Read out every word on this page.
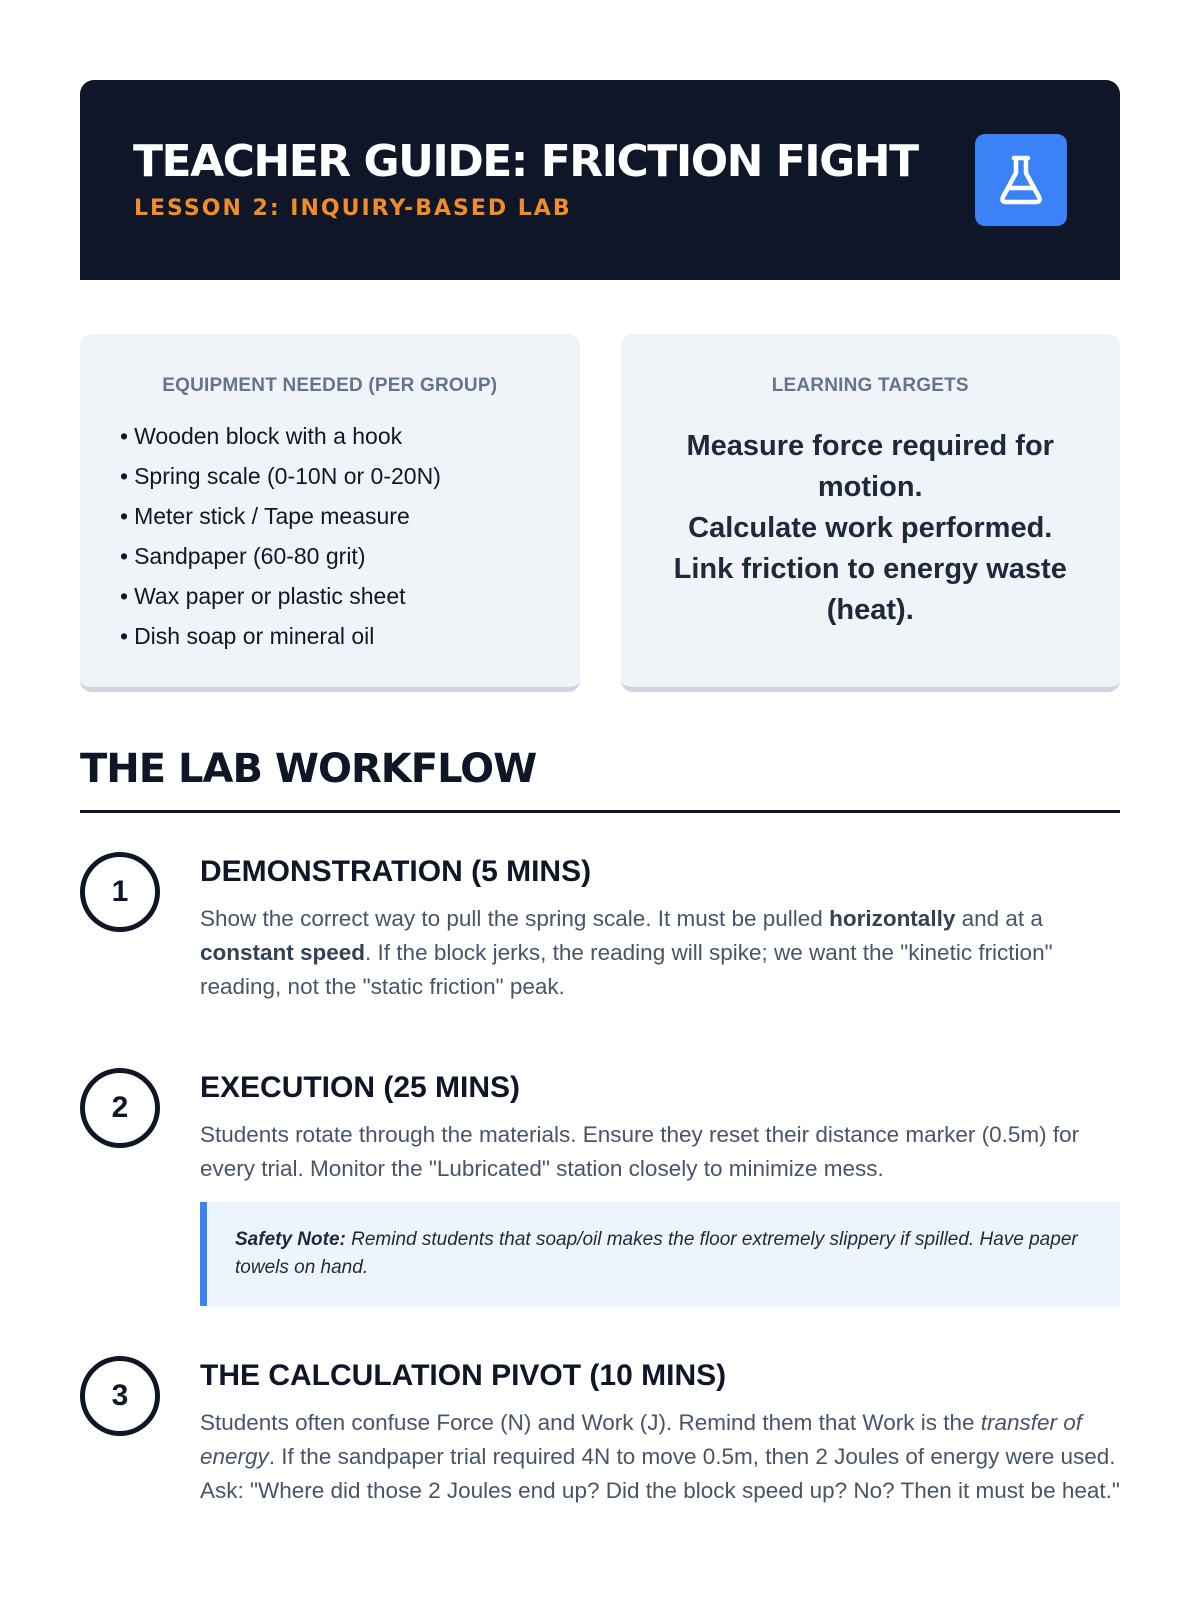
TEACHER GUIDE: FRICTION FIGHT
LESSON 2: INQUIRY-BASED LAB
EQUIPMENT NEEDED (PER GROUP)
• Wooden block with a hook
• Spring scale (0-10N or 0-20N)
• Meter stick / Tape measure
• Sandpaper (60-80 grit)
• Wax paper or plastic sheet
• Dish soap or mineral oil
LEARNING TARGETS
Measure force required for motion.
Calculate work performed.
Link friction to energy waste (heat).
THE LAB WORKFLOW
1
DEMONSTRATION (5 MINS)
Show the correct way to pull the spring scale. It must be pulled horizontally and at a constant speed. If the block jerks, the reading will spike; we want the "kinetic friction" reading, not the "static friction" peak.
2
EXECUTION (25 MINS)
Students rotate through the materials. Ensure they reset their distance marker (0.5m) for every trial. Monitor the "Lubricated" station closely to minimize mess.
Safety Note: Remind students that soap/oil makes the floor extremely slippery if spilled. Have paper towels on hand.
3
THE CALCULATION PIVOT (10 MINS)
Students often confuse Force (N) and Work (J). Remind them that Work is the transfer of energy. If the sandpaper trial required 4N to move 0.5m, then 2 Joules of energy were used. Ask: "Where did those 2 Joules end up? Did the block speed up? No? Then it must be heat."
